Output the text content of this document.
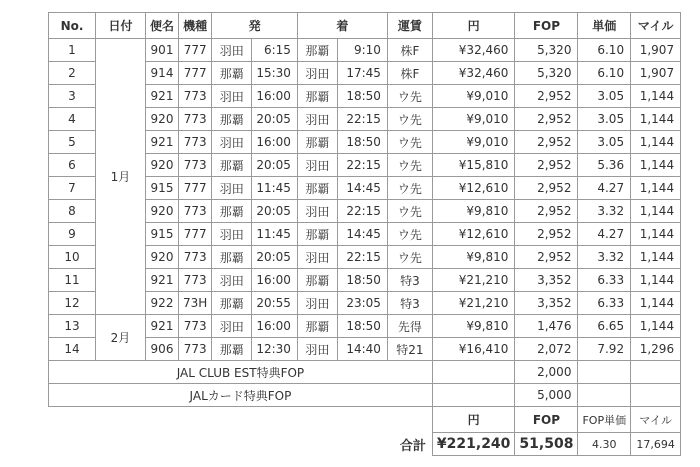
No.	日付	便名	機種	発		着		運賃	円	FOP	単価	マイル
1	1月	901	777	羽田	6:15	那覇	9:10	株F	¥32,460	5,320	6.10	1,907
2		914	777	那覇	15:30	羽田	17:45	株F	¥32,460	5,320	6.10	1,907
3		921	773	羽田	16:00	那覇	18:50	ウ先	¥9,010	2,952	3.05	1,144
4		920	773	那覇	20:05	羽田	22:15	ウ先	¥9,010	2,952	3.05	1,144
5		921	773	羽田	16:00	那覇	18:50	ウ先	¥9,010	2,952	3.05	1,144
6		920	773	那覇	20:05	羽田	22:15	ウ先	¥15,810	2,952	5.36	1,144
7		915	777	羽田	11:45	那覇	14:45	ウ先	¥12,610	2,952	4.27	1,144
8		920	773	那覇	20:05	羽田	22:15	ウ先	¥9,810	2,952	3.32	1,144
9		915	777	羽田	11:45	那覇	14:45	ウ先	¥12,610	2,952	4.27	1,144
10		920	773	那覇	20:05	羽田	22:15	ウ先	¥9,810	2,952	3.32	1,144
11		921	773	羽田	16:00	那覇	18:50	特3	¥21,210	3,352	6.33	1,144
12		922	73H	那覇	20:55	羽田	23:05	特3	¥21,210	3,352	6.33	1,144
13	2月	921	773	羽田	16:00	那覇	18:50	先得	¥9,810	1,476	6.65	1,144
14		906	773	那覇	12:30	羽田	14:40	特21	¥16,410	2,072	7.92	1,296
JAL CLUB EST特典FOP										2,000		
JALカード特典FOP										5,000		
									円	FOP	FOP単価	マイル
合計									¥221,240	51,508	4.30	17,694
